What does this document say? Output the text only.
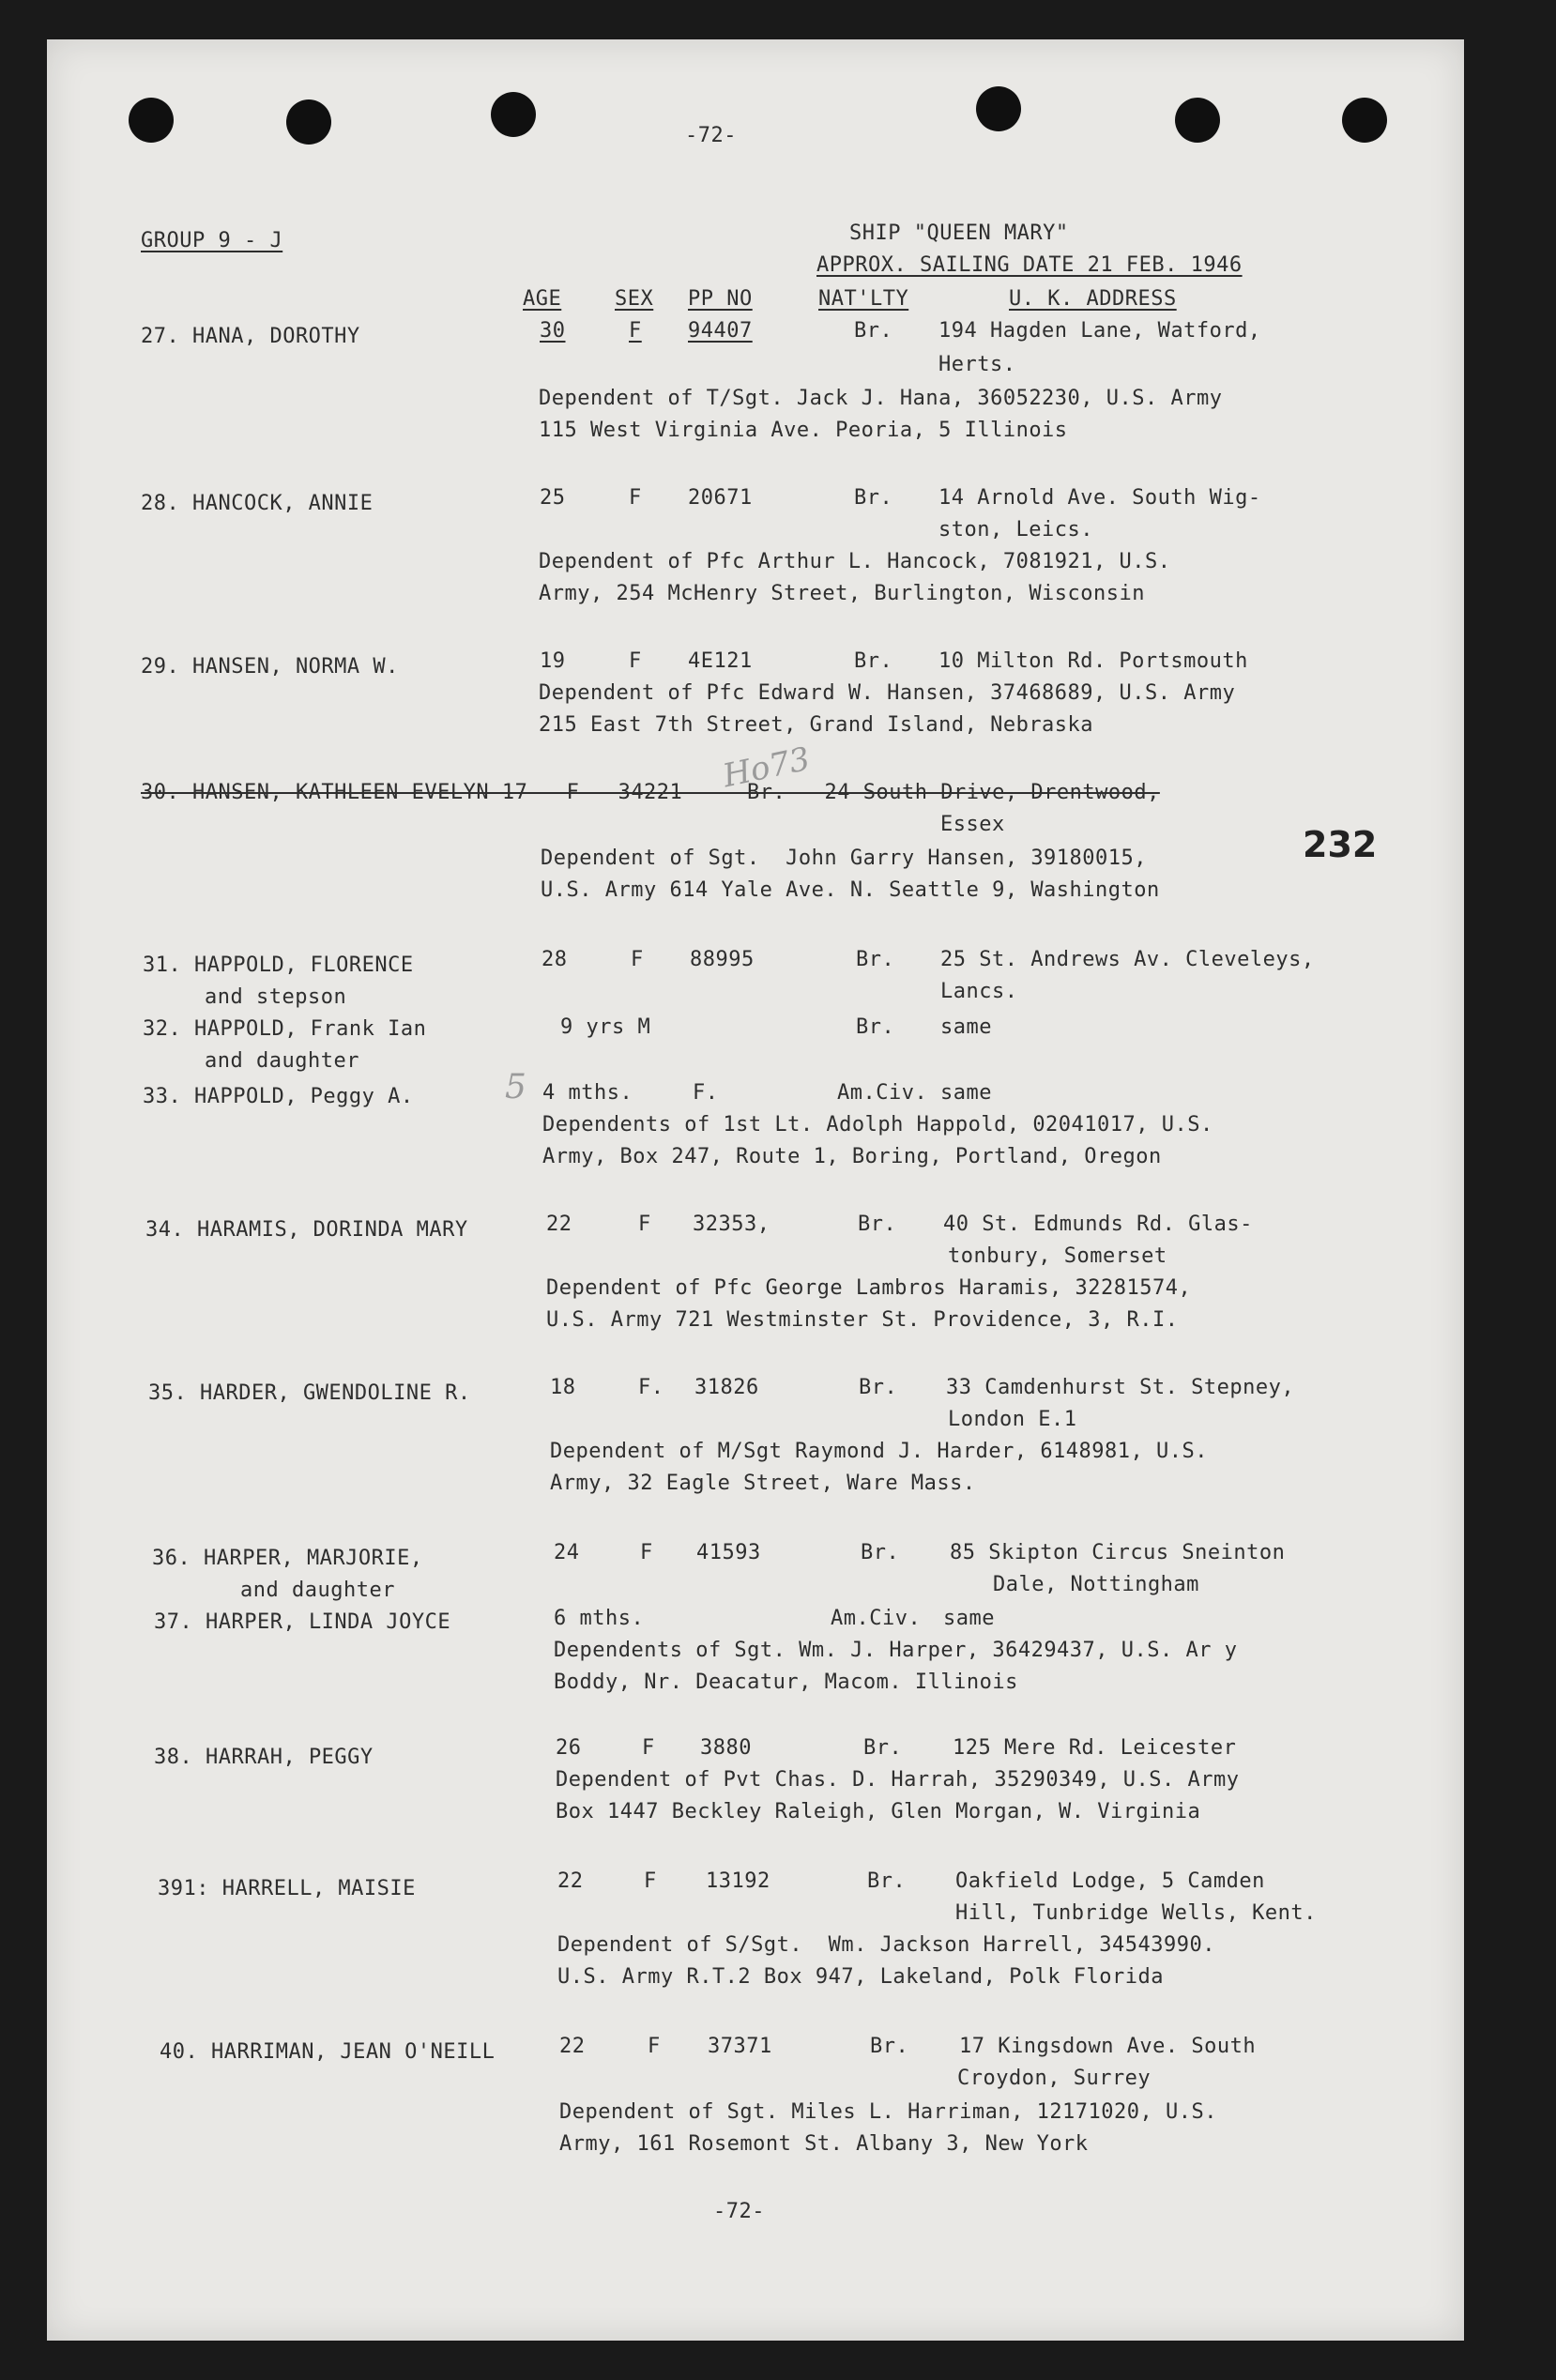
-72-
GROUP 9 - J	SHIP "QUEEN MARY"
APPROX. SAILING DATE 21 FEB. 1946
AGE	SEX PP NO	NAT'LTY	U. K. ADDRESS
27. HANA, DOROTHY	30	F 94407	Br. 194 Hagden Lane, Watford,
Herts.
Dependent of T/Sgt. Jack J. Hana, 36052230, U.S. Army
115 West Virginia Ave. Peoria, 5 Illinois
28. HANCOCK, ANNIE	25	F 20671	Br. 14 Arnold Ave. South Wig-
ston, Leics.
Dependent of Pfc Arthur L. Hancock, 7081921, U.S.
Army, 254 McHenry Street, Burlington, Wisconsin
29. HANSEN, NORMA W.	19	F 4E121	Br. 10 Milton Rd. Portsmouth
Dependent of Pfc Edward W. Hansen, 37468689, U.S. Army
215 East 7th Street, Grand Island, Nebraska
Ho73
30. HANSEN, KATHLEEN EVELYN 17   F   34221     Br.   24 South Drive, Drentwood,
Essex	232
Dependent of Sgt.  John Garry Hansen, 39180015,
U.S. Army 614 Yale Ave. N. Seattle 9, Washington
31. HAPPOLD, FLORENCE
and stepson
28	F 88995	Br. 25 St. Andrews Av. Cleveleys,
Lancs.
32. HAPPOLD, Frank Ian
and daughter
9 yrs M	Br. same
33. HAPPOLD, Peggy A.	5 4 mths.	F.	Am.Civ. same
Dependents of 1st Lt. Adolph Happold, 02041017, U.S.
Army, Box 247, Route 1, Boring, Portland, Oregon
34. HARAMIS, DORINDA MARY	22	F 32353,	Br. 40 St. Edmunds Rd. Glas-
tonbury, Somerset
Dependent of Pfc George Lambros Haramis, 32281574,
U.S. Army 721 Westminster St. Providence, 3, R.I.
35. HARDER, GWENDOLINE R.	18	F. 31826	Br. 33 Camdenhurst St. Stepney,
London E.1
Dependent of M/Sgt Raymond J. Harder, 6148981, U.S.
Army, 32 Eagle Street, Ware Mass.
36. HARPER, MARJORIE,
and daughter
24	F 41593	Br. 85 Skipton Circus Sneinton
Dale, Nottingham
37. HARPER, LINDA JOYCE	6 mths.	Am.Civ. same
Dependents of Sgt. Wm. J. Harper, 36429437, U.S. Ar y
Boddy, Nr. Deacatur, Macom. Illinois
38. HARRAH, PEGGY	26	F 3880	Br. 125 Mere Rd. Leicester
Dependent of Pvt Chas. D. Harrah, 35290349, U.S. Army
Box 1447 Beckley Raleigh, Glen Morgan, W. Virginia
391: HARRELL, MAISIE	22	F 13192	Br. Oakfield Lodge, 5 Camden
Hill, Tunbridge Wells, Kent.
Dependent of S/Sgt.  Wm. Jackson Harrell, 34543990.
U.S. Army R.T.2 Box 947, Lakeland, Polk Florida
40. HARRIMAN, JEAN O'NEILL	22	F 37371	Br. 17 Kingsdown Ave. South
Croydon, Surrey
Dependent of Sgt. Miles L. Harriman, 12171020, U.S.
Army, 161 Rosemont St. Albany 3, New York
-72-
